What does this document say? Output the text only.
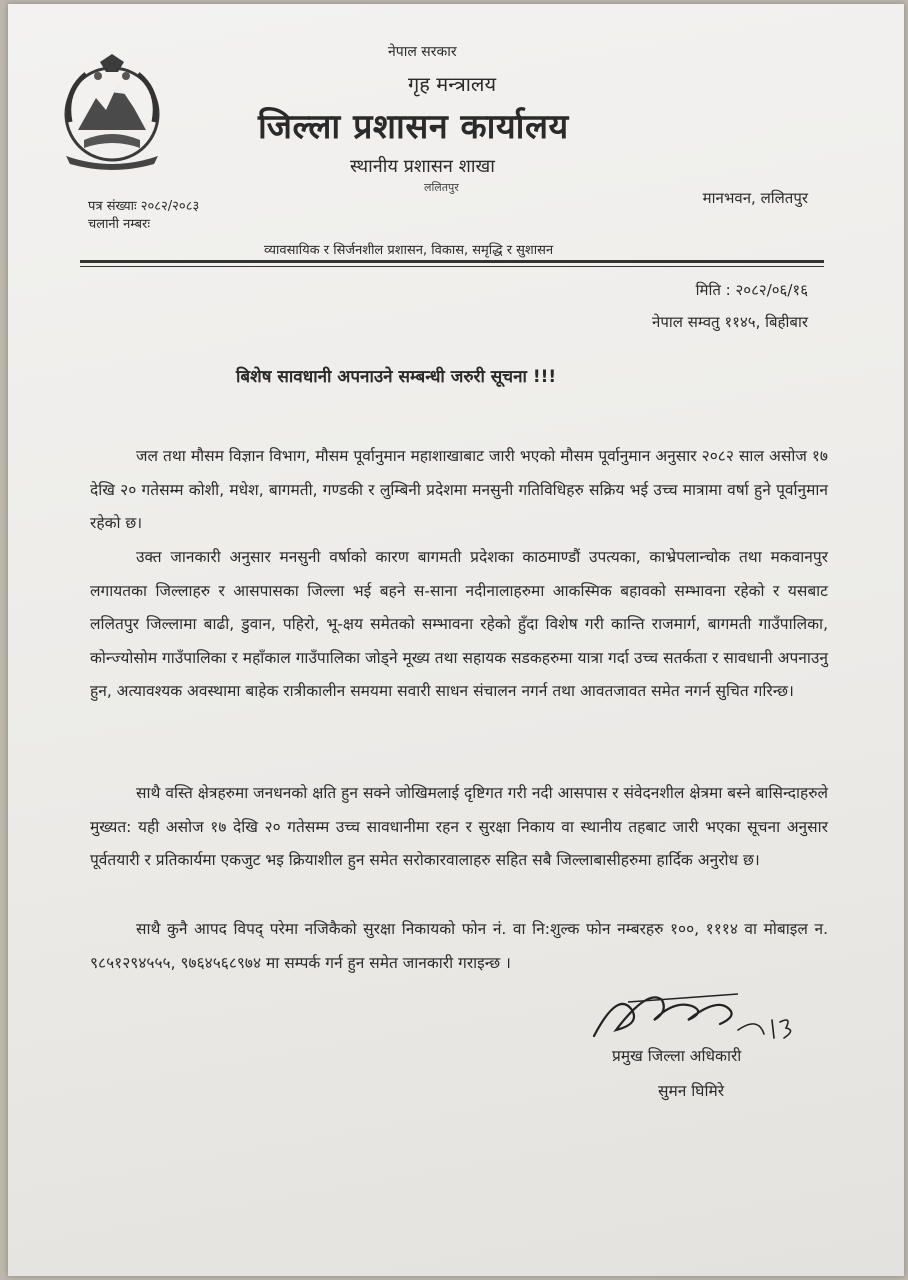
नेपाल सरकार
गृह मन्त्रालय
जिल्ला प्रशासन कार्यालय
स्थानीय प्रशासन शाखा
ललितपुर
पत्र संख्याः २०८२/२०८३
चलानी नम्बरः
मानभवन, ललितपुर
व्यावसायिक र सिर्जनशील प्रशासन, विकास, समृद्धि र सुशासन
मिति : २०८२/०६/१६
नेपाल सम्वतु ११४५, बिहीबार
बिशेष सावधानी अपनाउने सम्बन्धी जरुरी सूचना !!!

जल तथा मौसम विज्ञान विभाग, मौसम पूर्वानुमान महाशाखाबाट जारी भएको मौसम पूर्वानुमान अनुसार २०८२ साल असोज १७ देखि २० गतेसम्म कोशी, मधेश, बागमती, गण्डकी र लुम्बिनी प्रदेशमा मनसुनी गतिविधिहरु सक्रिय भई उच्च मात्रामा वर्षा हुने पूर्वानुमान रहेको छ।

उक्त जानकारी अनुसार मनसुनी वर्षाको कारण बागमती प्रदेशका काठमाण्डौं उपत्यका, काभ्रेपलान्चोक तथा मकवानपुर लगायतका जिल्लाहरु र आसपासका जिल्ला भई बहने स-साना नदीनालाहरुमा आकस्मिक बहावको सम्भावना रहेको र यसबाट ललितपुर जिल्लामा बाढी, डुवान, पहिरो, भू-क्षय समेतको सम्भावना रहेको हुँदा विशेष गरी कान्ति राजमार्ग, बागमती गाउँपालिका, कोन्ज्योसोम गाउँपालिका र महाँकाल गाउँपालिका जोड्ने मूख्य तथा सहायक सडकहरुमा यात्रा गर्दा उच्च सतर्कता र सावधानी अपनाउनु हुन, अत्यावश्यक अवस्थामा बाहेक रात्रीकालीन समयमा सवारी साधन संचालन नगर्न तथा आवतजावत समेत नगर्न सुचित गरिन्छ।

साथै वस्ति क्षेत्रहरुमा जनधनको क्षति हुन सक्ने जोखिमलाई दृष्टिगत गरी नदी आसपास र संवेदनशील क्षेत्रमा बस्ने बासिन्दाहरुले मुख्यत: यही असोज १७ देखि २० गतेसम्म उच्च सावधानीमा रहन र सुरक्षा निकाय वा स्थानीय तहबाट जारी भएका सूचना अनुसार पूर्वतयारी र प्रतिकार्यमा एकजुट भइ क्रियाशील हुन समेत सरोकारवालाहरु सहित सबै जिल्लाबासीहरुमा हार्दिक अनुरोध छ।

साथै कुनै आपद विपद् परेमा नजिकैको सुरक्षा निकायको फोन नं. वा नि:शुल्क फोन नम्बरहरु १००, १११४ वा मोबाइल न. ९८५१२९४५५५, ९७६४५६८९७४ मा सम्पर्क गर्न हुन समेत जानकारी गराइन्छ ।

प्रमुख जिल्ला अधिकारी
सुमन घिमिरे
